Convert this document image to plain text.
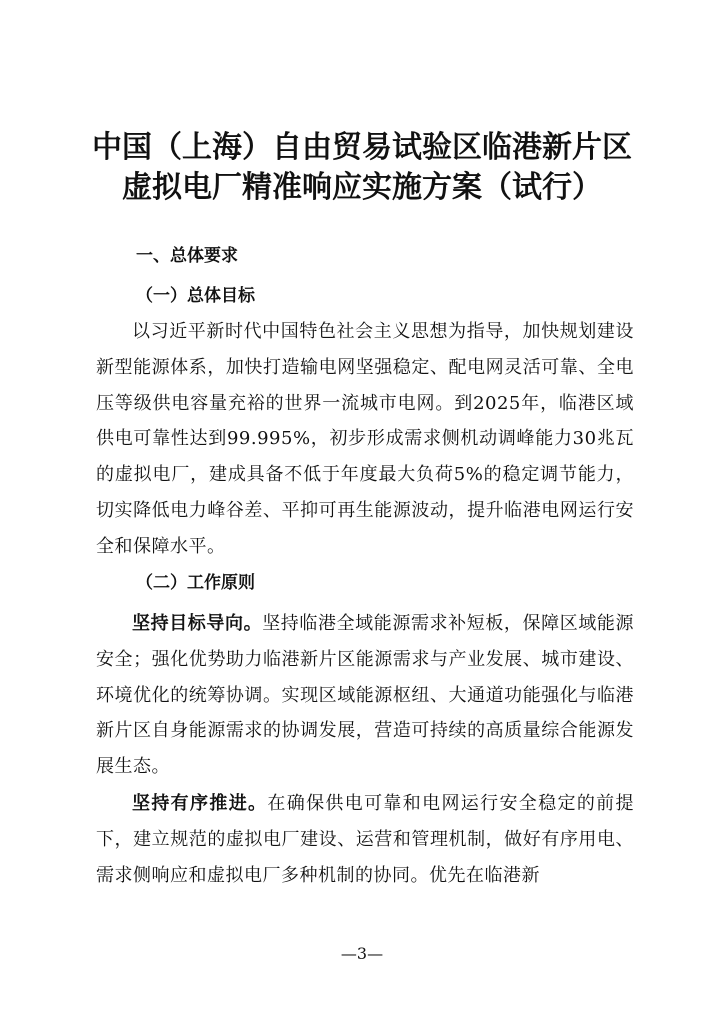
中国（上海）自由贸易试验区临港新片区
虚拟电厂精准响应实施方案（试行）
一、总体要求
（一）总体目标

以习近平新时代中国特色社会主义思想为指导，加快规划建设新型能源体系，加快打造输电网坚强稳定、配电网灵活可靠、全电压等级供电容量充裕的世界一流城市电网。到2025年，临港区域供电可靠性达到99.995%，初步形成需求侧机动调峰能力30兆瓦的虚拟电厂，建成具备不低于年度最大负荷5%的稳定调节能力，切实降低电力峰谷差、平抑可再生能源波动，提升临港电网运行安全和保障水平。

（二）工作原则

坚持目标导向。坚持临港全域能源需求补短板，保障区域能源安全；强化优势助力临港新片区能源需求与产业发展、城市建设、环境优化的统筹协调。实现区域能源枢纽、大通道功能强化与临港新片区自身能源需求的协调发展，营造可持续的高质量综合能源发展生态。

坚持有序推进。在确保供电可靠和电网运行安全稳定的前提下，建立规范的虚拟电厂建设、运营和管理机制，做好有序用电、需求侧响应和虚拟电厂多种机制的协同。优先在临港新

—3—
